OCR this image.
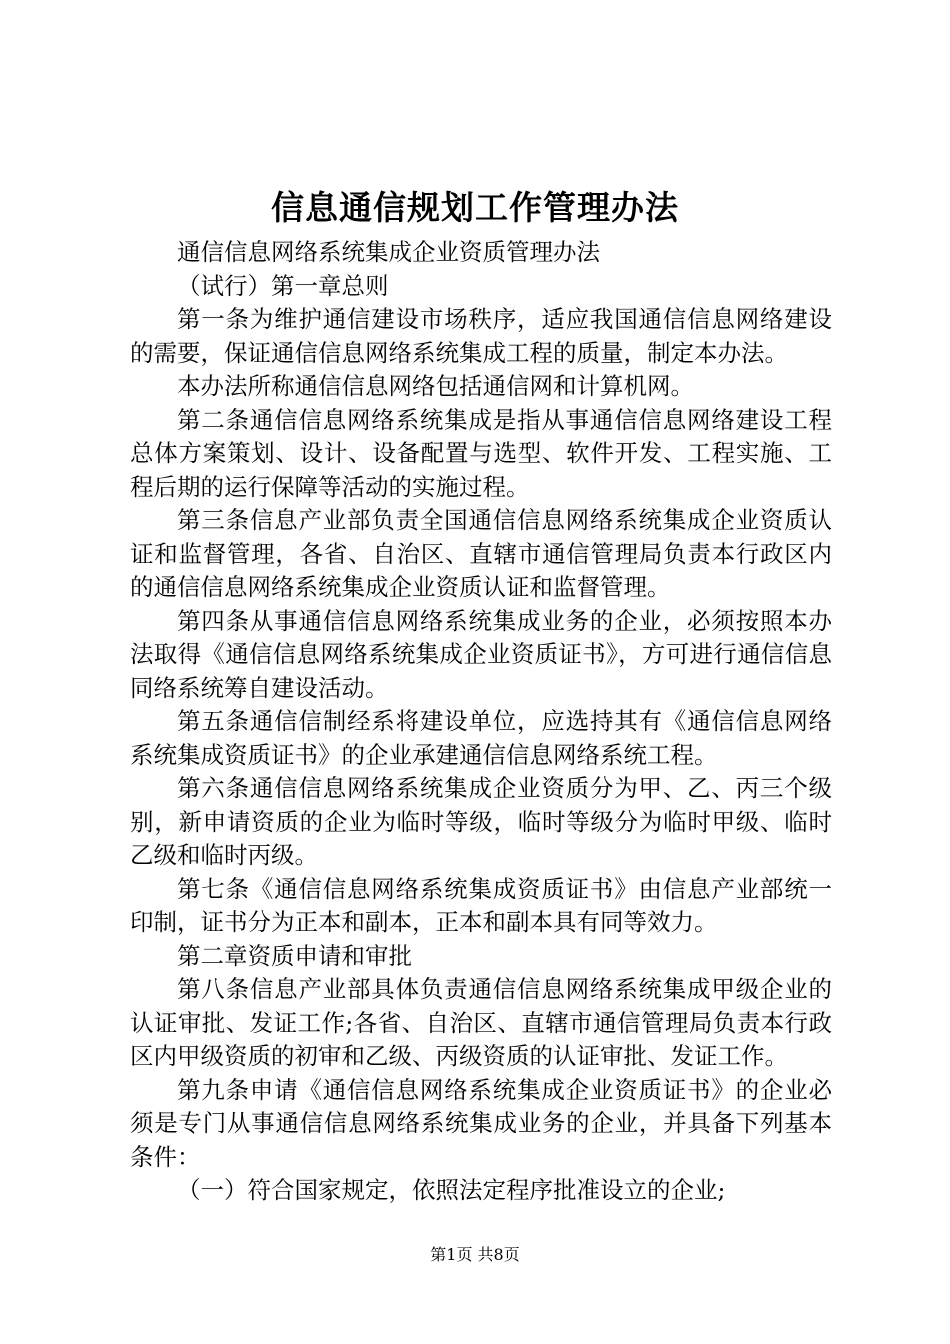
信息通信规划工作管理办法

通信信息网络系统集成企业资质管理办法

（试行）第一章总则

第一条为维护通信建设市场秩序，适应我国通信信息网络建设的需要，保证通信信息网络系统集成工程的质量，制定本办法。

本办法所称通信信息网络包括通信网和计算机网。

第二条通信信息网络系统集成是指从事通信信息网络建设工程总体方案策划、设计、设备配置与选型、软件开发、工程实施、工程后期的运行保障等活动的实施过程。

第三条信息产业部负责全国通信信息网络系统集成企业资质认证和监督管理，各省、自治区、直辖市通信管理局负责本行政区内的通信信息网络系统集成企业资质认证和监督管理。

第四条从事通信信息网络系统集成业务的企业，必须按照本办法取得《通信信息网络系统集成企业资质证书》，方可进行通信信息同络系统筹自建设活动。

第五条通信信制经系将建设单位，应选持其有《通信信息网络系统集成资质证书》的企业承建通信信息网络系统工程。

第六条通信信息网络系统集成企业资质分为甲、乙、丙三个级别，新申请资质的企业为临时等级，临时等级分为临时甲级、临时乙级和临时丙级。

第七条《通信信息网络系统集成资质证书》由信息产业部统一印制，证书分为正本和副本，正本和副本具有同等效力。

第二章资质申请和审批

第八条信息产业部具体负责通信信息网络系统集成甲级企业的认证审批、发证工作;各省、自治区、直辖市通信管理局负责本行政区内甲级资质的初审和乙级、丙级资质的认证审批、发证工作。

第九条申请《通信信息网络系统集成企业资质证书》的企业必须是专门从事通信信息网络系统集成业务的企业，并具备下列基本条件：

（一）符合国家规定，依照法定程序批准设立的企业;

第1页 共8页
